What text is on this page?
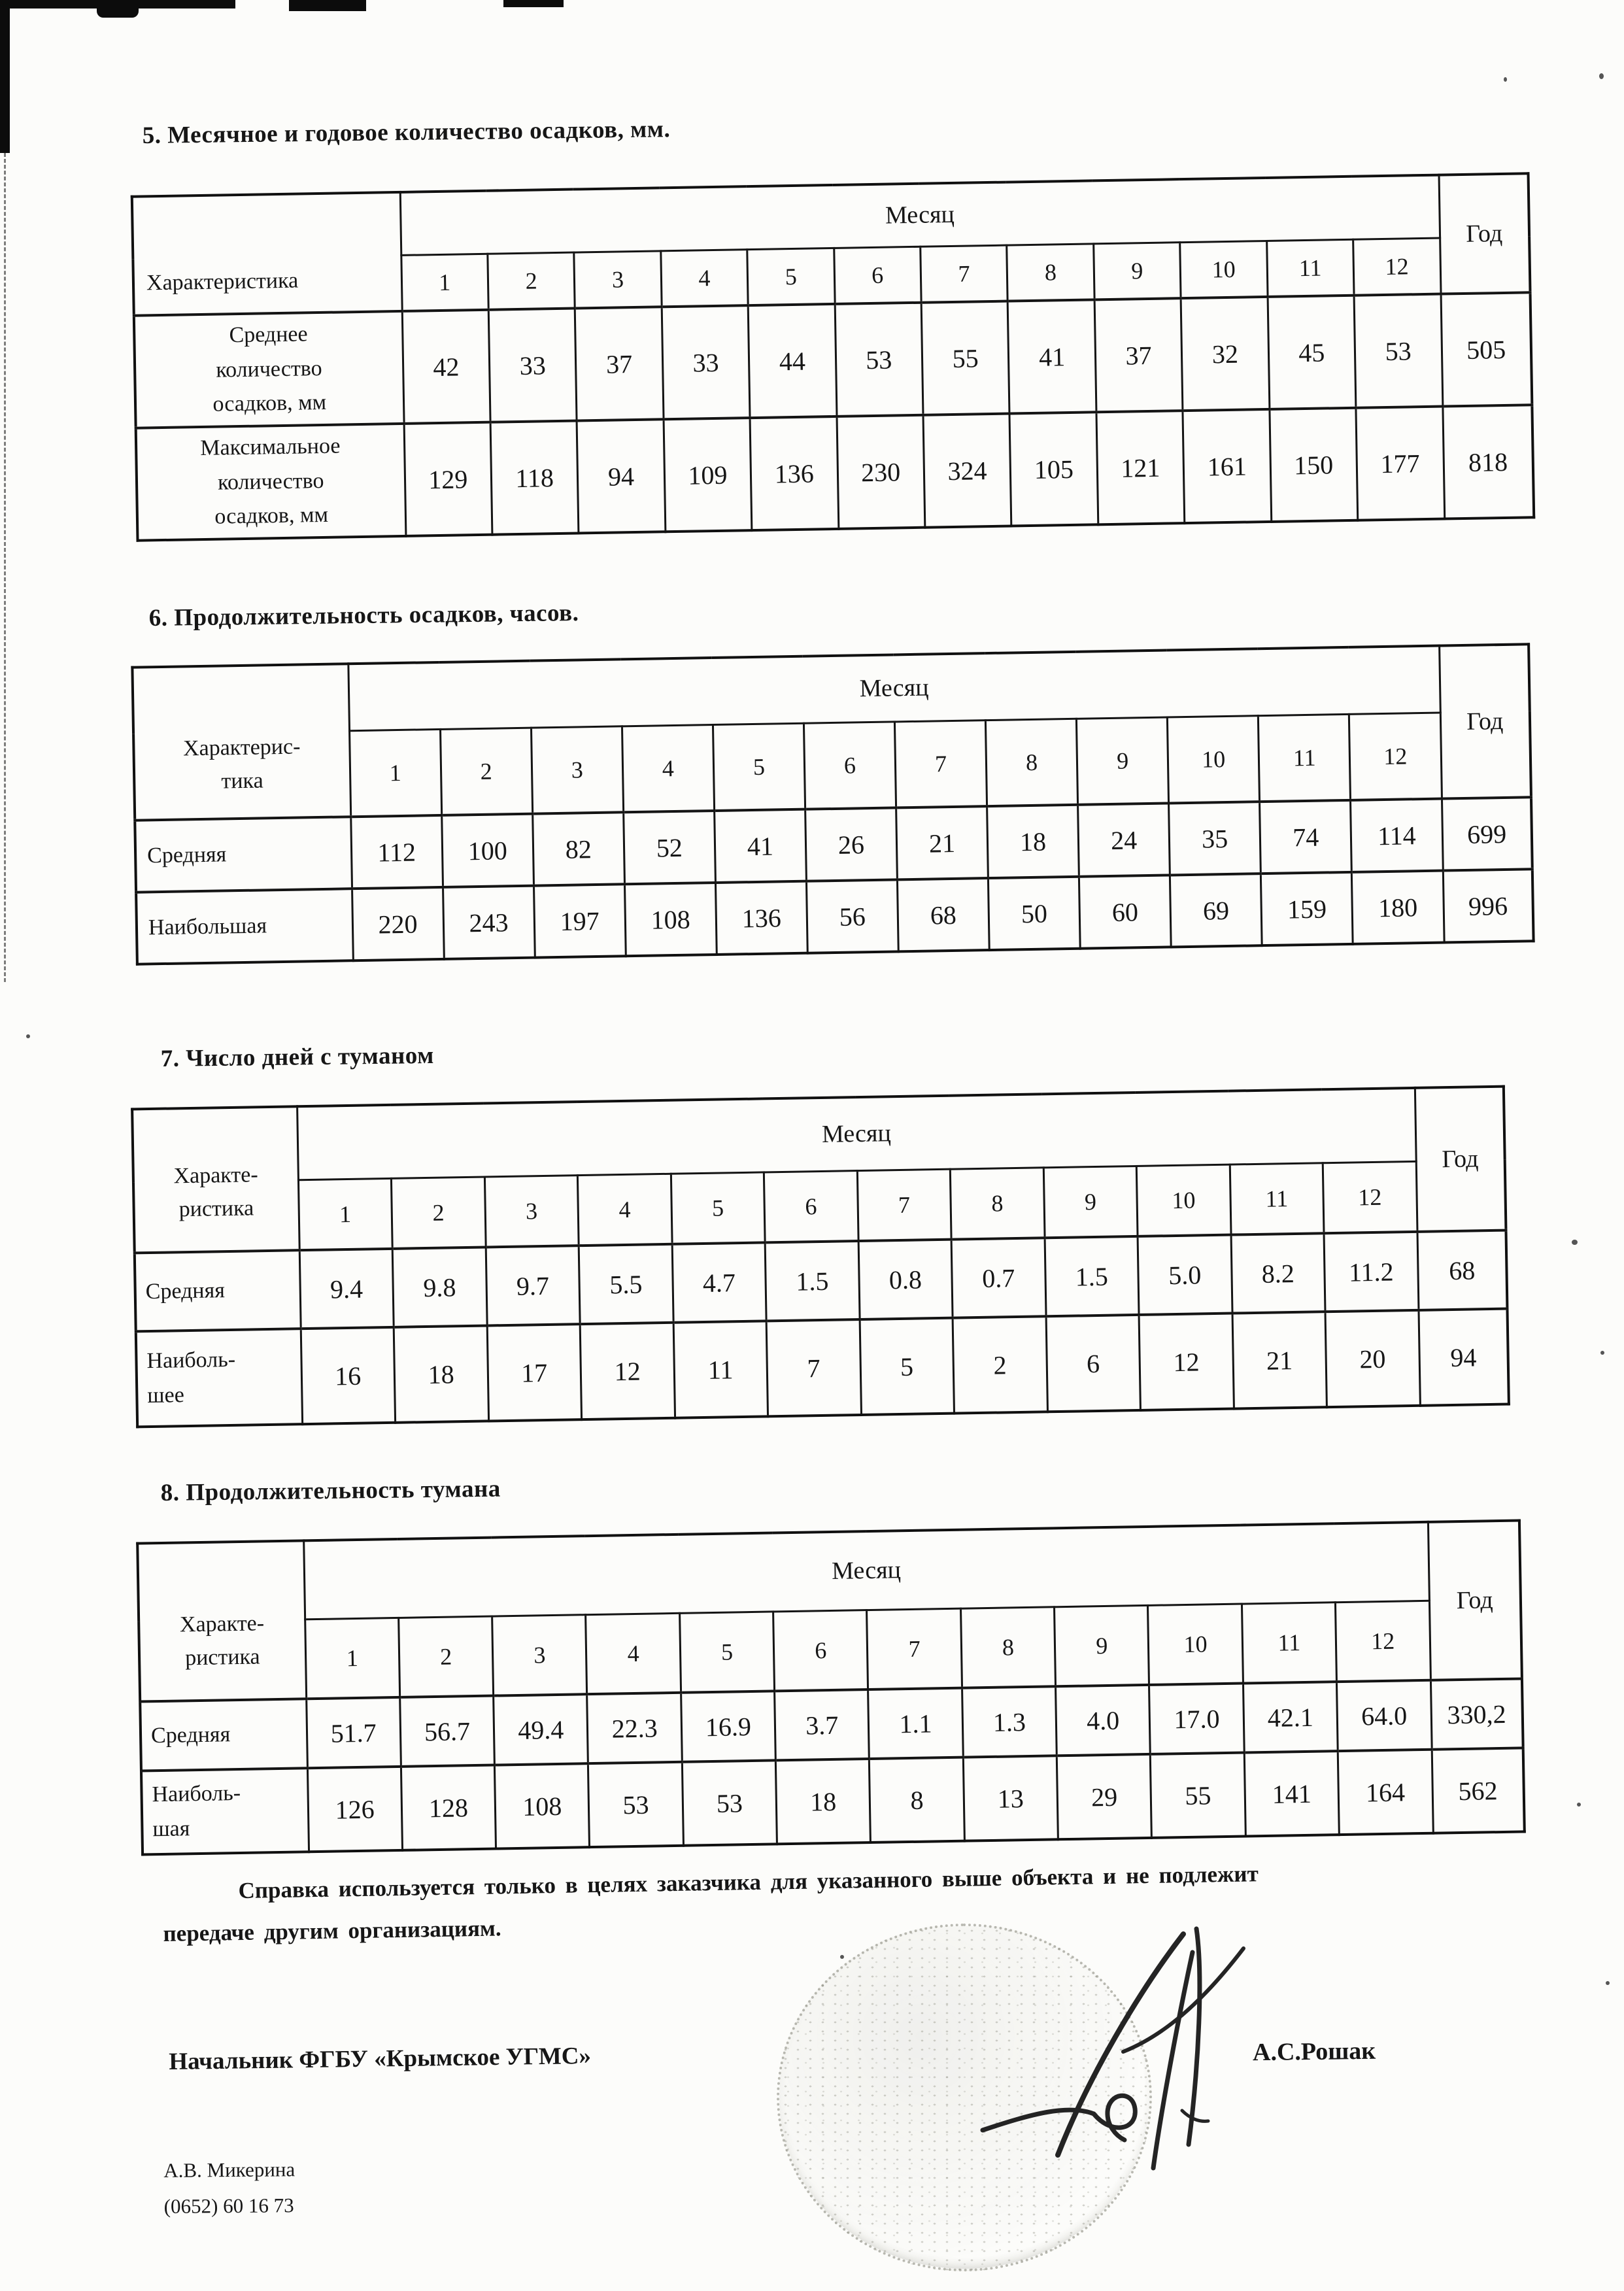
5. Месячное и годовое количество осадков, мм.
Характеристика	Месяц												Год
	1	2	3	4	5	6	7	8	9	10	11	12	
Среднее
количество
осадков, мм	42	33	37	33	44	53	55	41	37	32	45	53	505
Максимальное
количество
осадков, мм	129	118	94	109	136	230	324	105	121	161	150	177	818
6. Продолжительность осадков, часов.
Характерис-
тика	Месяц												Год
	1	2	3	4	5	6	7	8	9	10	11	12	
Средняя	112	100	82	52	41	26	21	18	24	35	74	114	699
Наибольшая	220	243	197	108	136	56	68	50	60	69	159	180	996
7. Число дней с туманом
Характе-
ристика	Месяц												Год
	1	2	3	4	5	6	7	8	9	10	11	12	
Средняя	9.4	9.8	9.7	5.5	4.7	1.5	0.8	0.7	1.5	5.0	8.2	11.2	68
Наиболь-
шее	16	18	17	12	11	7	5	2	6	12	21	20	94
8. Продолжительность тумана
Характе-
ристика	Месяц												Год
	1	2	3	4	5	6	7	8	9	10	11	12	
Средняя	51.7	56.7	49.4	22.3	16.9	3.7	1.1	1.3	4.0	17.0	42.1	64.0	330,2
Наиболь-
шая	126	128	108	53	53	18	8	13	29	55	141	164	562
Справка используется только в целях заказчика для указанного выше объекта и не подлежит
передаче другим организациям.
Начальник ФГБУ «Крымское УГМС»	А.С.Рошак
А.В. Микерина
(0652) 60 16 73
